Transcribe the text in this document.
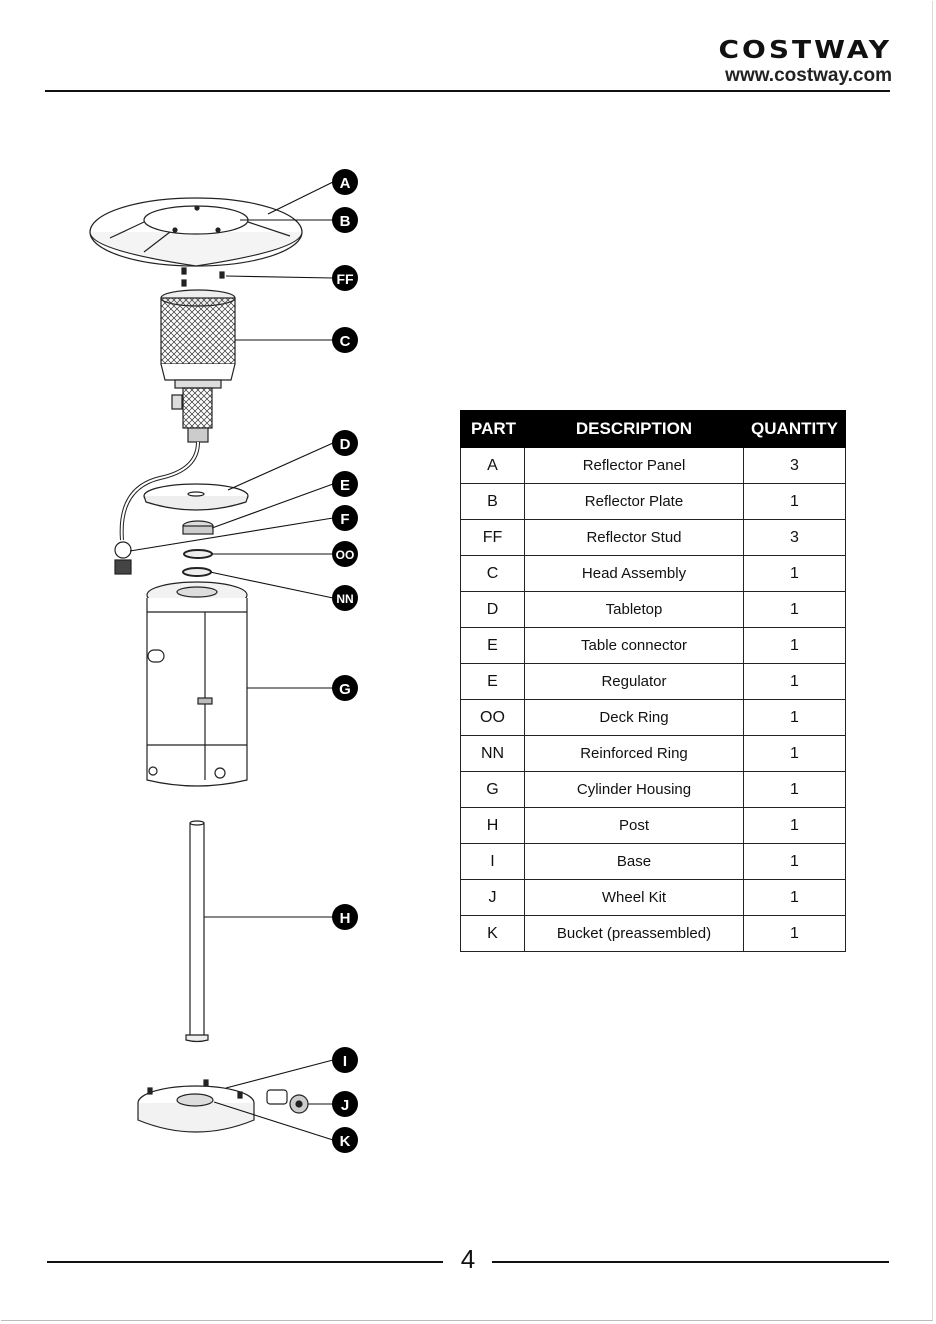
COSTWAY
www.costway.com
A
B
FF
C
D
E
F
OO
NN
G
H
I
J
K
PART	DESCRIPTION	QUANTITY
A	Reflector Panel	3
B	Reflector Plate	1
FF	Reflector Stud	3
C	Head Assembly	1
D	Tabletop	1
E	Table connector	1
E	Regulator	1
OO	Deck Ring	1
NN	Reinforced Ring	1
G	Cylinder Housing	1
H	Post	1
I	Base	1
J	Wheel Kit	1
K	Bucket (preassembled)	1
4
